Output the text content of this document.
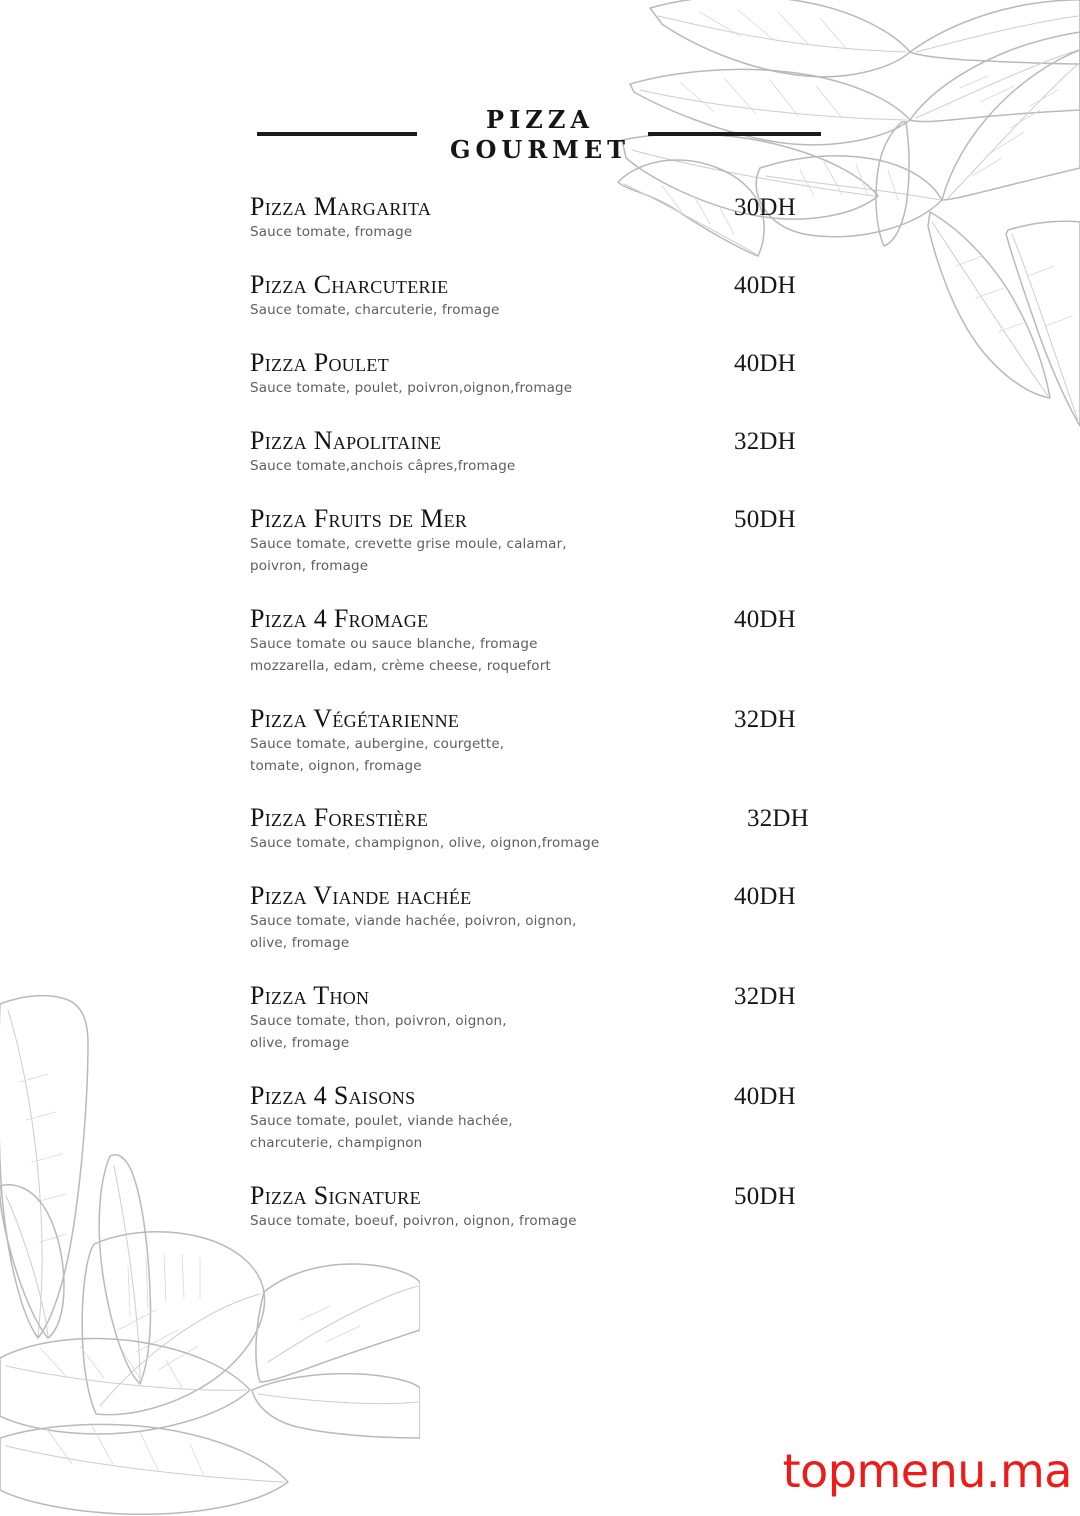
PIZZA
GOURMET
Pizza Margarita	30DH
Sauce tomate, fromage
Pizza Charcuterie	40DH
Sauce tomate, charcuterie, fromage
Pizza Poulet	40DH
Sauce tomate, poulet, poivron,oignon,fromage
Pizza Napolitaine	32DH
Sauce tomate,anchois câpres,fromage
Pizza Fruits de Mer	50DH
Sauce tomate, crevette grise moule, calamar,
poivron, fromage
Pizza 4 Fromage	40DH
Sauce tomate ou sauce blanche, fromage
mozzarella, edam, crème cheese, roquefort
Pizza Végétarienne	32DH
Sauce tomate, aubergine, courgette,
tomate, oignon, fromage
Pizza Forestière	32DH
Sauce tomate, champignon, olive, oignon,fromage
Pizza Viande hachée	40DH
Sauce tomate, viande hachée, poivron, oignon,
olive, fromage
Pizza Thon	32DH
Sauce tomate, thon, poivron, oignon,
olive, fromage
Pizza 4 Saisons	40DH
Sauce tomate, poulet, viande hachée,
charcuterie, champignon
Pizza Signature	50DH
Sauce tomate, boeuf, poivron, oignon, fromage
topmenu.ma
